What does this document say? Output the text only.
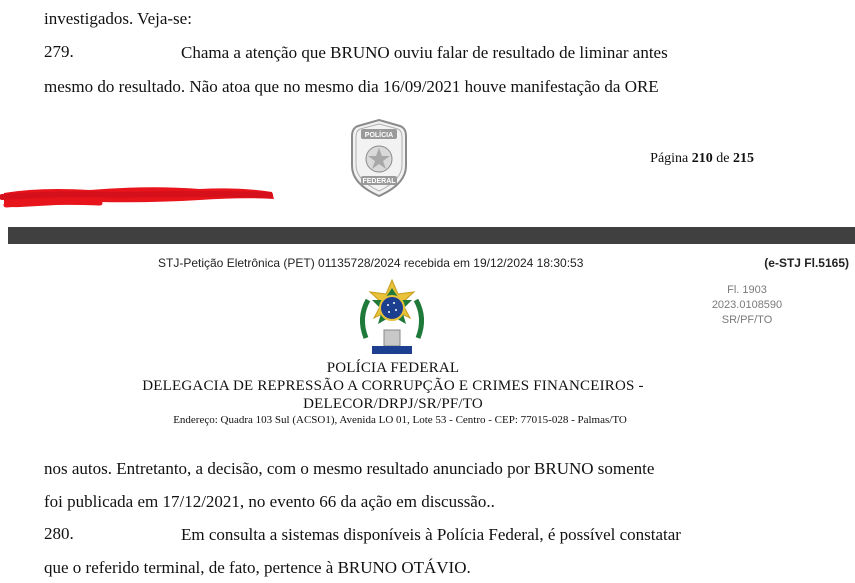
investigados. Veja-se:
279.	Chama a atenção que BRUNO ouviu falar de resultado de liminar antes
mesmo do resultado. Não atoa que no mesmo dia 16/09/2021 houve manifestação da ORE
POLÍCIA
FEDERAL
Página 210 de 215
STJ-Petição Eletrônica (PET) 01135728/2024 recebida em 19/12/2024 18:30:53	(e-STJ Fl.5165)
Fl. 1903
2023.0108590
SR/PF/TO
POLÍCIA FEDERAL
DELEGACIA DE REPRESSÃO A CORRUPÇÃO E CRIMES FINANCEIROS -
DELECOR/DRPJ/SR/PF/TO
Endereço: Quadra 103 Sul (ACSO1), Avenida LO 01, Lote 53 - Centro - CEP: 77015-028 - Palmas/TO
nos autos. Entretanto, a decisão, com o mesmo resultado anunciado por BRUNO somente
foi publicada em 17/12/2021, no evento 66 da ação em discussão..
280.	Em consulta a sistemas disponíveis à Polícia Federal, é possível constatar
que o referido terminal, de fato, pertence à BRUNO OTÁVIO.
